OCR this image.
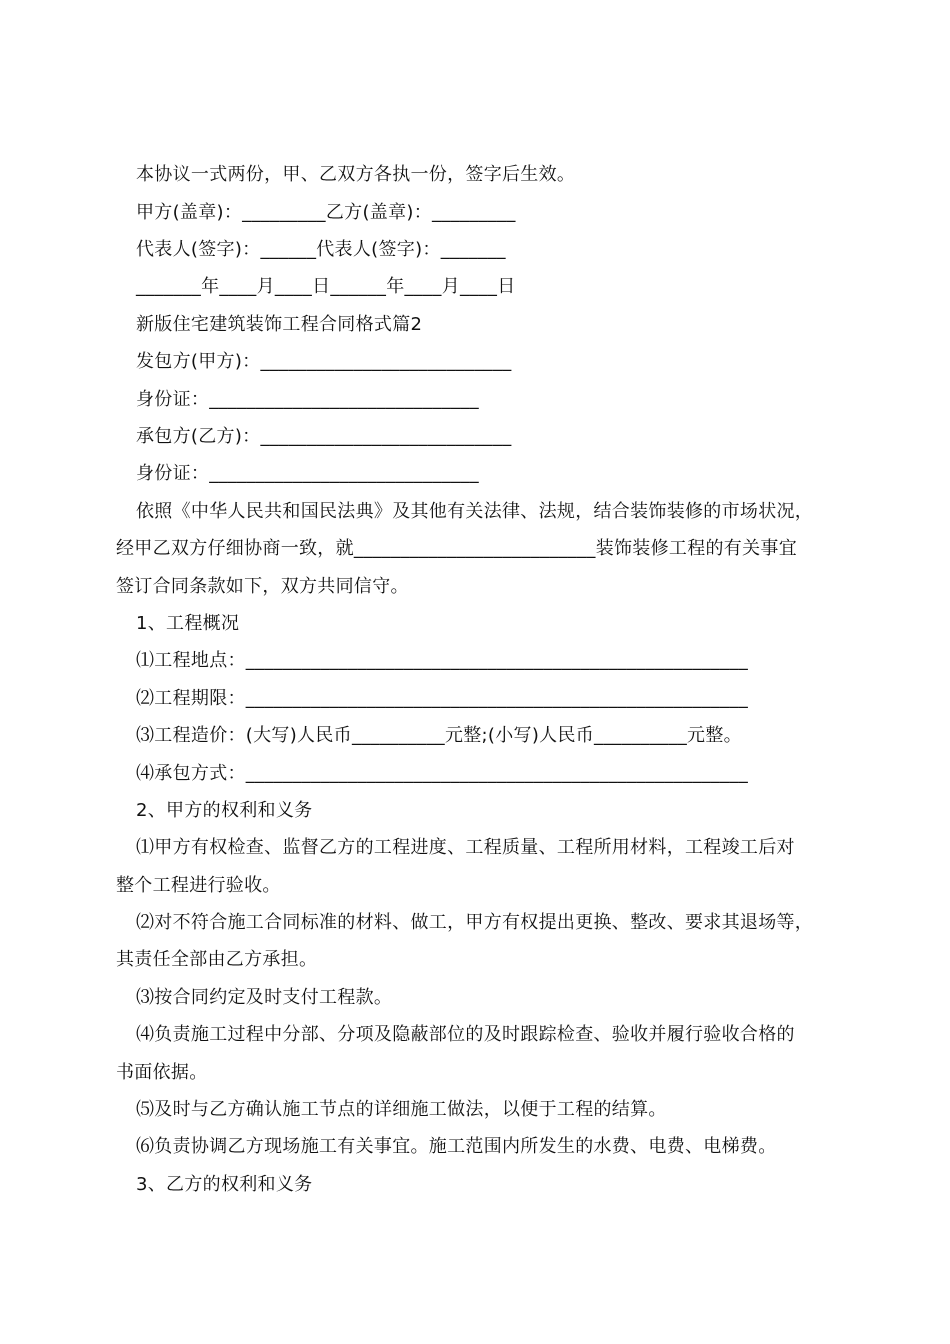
本协议一式两份，甲、乙双方各执一份，签字后生效。
甲方(盖章)：_________乙方(盖章)：_________
代表人(签字)：______代表人(签字)：_______
_______年____月____日______年____月____日
新版住宅建筑装饰工程合同格式篇2
发包方(甲方)：___________________________
身份证：_____________________________
承包方(乙方)：___________________________
身份证：_____________________________
依照《中华人民共和国民法典》及其他有关法律、法规，结合装饰装修的市场状况，
经甲乙双方仔细协商一致，就__________________________装饰装修工程的有关事宜
签订合同条款如下，双方共同信守。
1、工程概况
⑴工程地点：______________________________________________________
⑵工程期限：______________________________________________________
⑶工程造价：(大写)人民币__________元整;(小写)人民币__________元整。
⑷承包方式：______________________________________________________
2、甲方的权利和义务
⑴甲方有权检查、监督乙方的工程进度、工程质量、工程所用材料，工程竣工后对
整个工程进行验收。
⑵对不符合施工合同标准的材料、做工，甲方有权提出更换、整改、要求其退场等，
其责任全部由乙方承担。
⑶按合同约定及时支付工程款。
⑷负责施工过程中分部、分项及隐蔽部位的及时跟踪检查、验收并履行验收合格的
书面依据。
⑸及时与乙方确认施工节点的详细施工做法，以便于工程的结算。
⑹负责协调乙方现场施工有关事宜。施工范围内所发生的水费、电费、电梯费。
3、乙方的权利和义务
